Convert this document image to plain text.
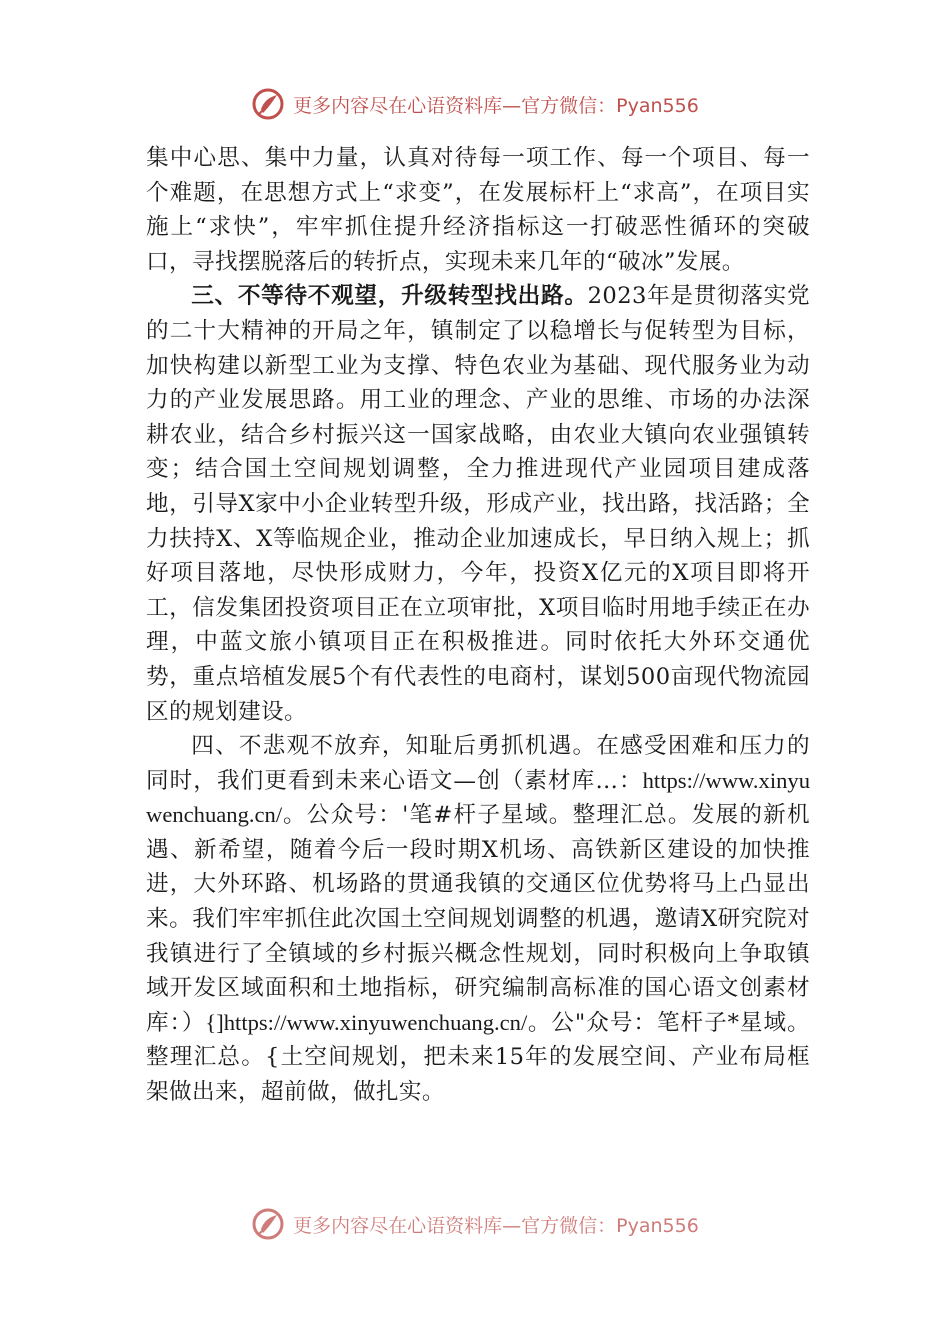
更多内容尽在心语资料库—官方微信：Pyan556

集中心思、集中力量，认真对待每一项工作、每一个项目、每一个难题，在思想方式上“求变”，在发展标杆上“求高”，在项目实施上“求快”，牢牢抓住提升经济指标这一打破恶性循环的突破口，寻找摆脱落后的转折点，实现未来几年的“破冰”发展。

三、不等待不观望，升级转型找出路。2023年是贯彻落实党的二十大精神的开局之年，镇制定了以稳增长与促转型为目标，加快构建以新型工业为支撑、特色农业为基础、现代服务业为动力的产业发展思路。用工业的理念、产业的思维、市场的办法深耕农业，结合乡村振兴这一国家战略，由农业大镇向农业强镇转变；结合国土空间规划调整，全力推进现代产业园项目建成落地，引导X家中小企业转型升级，形成产业，找出路，找活路；全力扶持X、X等临规企业，推动企业加速成长，早日纳入规上；抓好项目落地，尽快形成财力，今年，投资X亿元的X项目即将开工，信发集团投资项目正在立项审批，X项目临时用地手续正在办理，中蓝文旅小镇项目正在积极推进。同时依托大外环交通优势，重点培植发展5个有代表性的电商村，谋划500亩现代物流园区的规划建设。

四、不悲观不放弃，知耻后勇抓机遇。在感受困难和压力的同时，我们更看到未来心语文—创（素材库…：https://www.xinyuwenchuang.cn/。公众号：'笔#杆子星域。整理汇总。发展的新机遇、新希望，随着今后一段时期X机场、高铁新区建设的加快推进，大外环路、机场路的贯通我镇的交通区位优势将马上凸显出来。我们牢牢抓住此次国土空间规划调整的机遇，邀请X研究院对我镇进行了全镇域的乡村振兴概念性规划，同时积极向上争取镇域开发区域面积和土地指标，研究编制高标准的国心语文创素材库：）{]https://www.xinyuwenchuang.cn/。公"众号：笔杆子*星域。整理汇总。{土空间规划，把未来15年的发展空间、产业布局框架做出来，超前做，做扎实。

更多内容尽在心语资料库—官方微信：Pyan556
